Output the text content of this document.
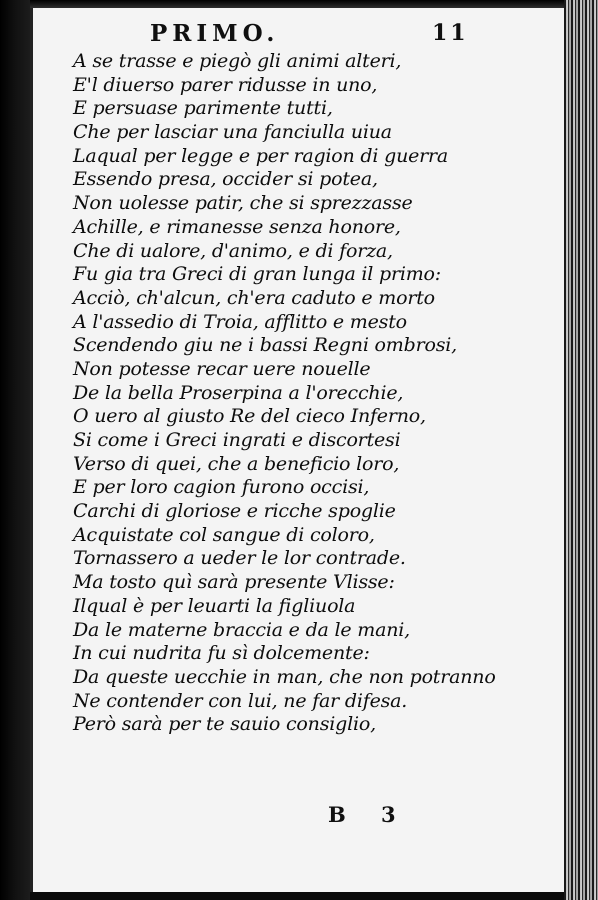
PRIMO.	11
A se trasse e piegò gli animi alteri,
E'l diuerso parer ridusse in uno,
E persuase parimente tutti,
Che per lasciar una fanciulla uiua
Laqual per legge e per ragion di guerra
Essendo presa, occider si potea,
Non uolesse patir, che si sprezzasse
Achille, e rimanesse senza honore,
Che di ualore, d'animo, e di forza,
Fu gia tra Greci di gran lunga il primo:
Acciò, ch'alcun, ch'era caduto e morto
A l'assedio di Troia, afflitto e mesto
Scendendo giu ne i bassi Regni ombrosi,
Non potesse recar uere nouelle
De la bella Proserpina a l'orecchie,
O uero al giusto Re del cieco Inferno,
Si come i Greci ingrati e discortesi
Verso di quei, che a beneficio loro,
E per loro cagion furono occisi,
Carchi di gloriose e ricche spoglie
Acquistate col sangue di coloro,
Tornassero a ueder le lor contrade.
Ma tosto quì sarà presente Vlisse:
Ilqual è per leuarti la figliuola
Da le materne braccia e da le mani,
In cui nudrita fu sì dolcemente:
Da queste uecchie in man, che non potranno
Ne contender con lui, ne far difesa.
Però sarà per te sauio consiglio,
B 3
